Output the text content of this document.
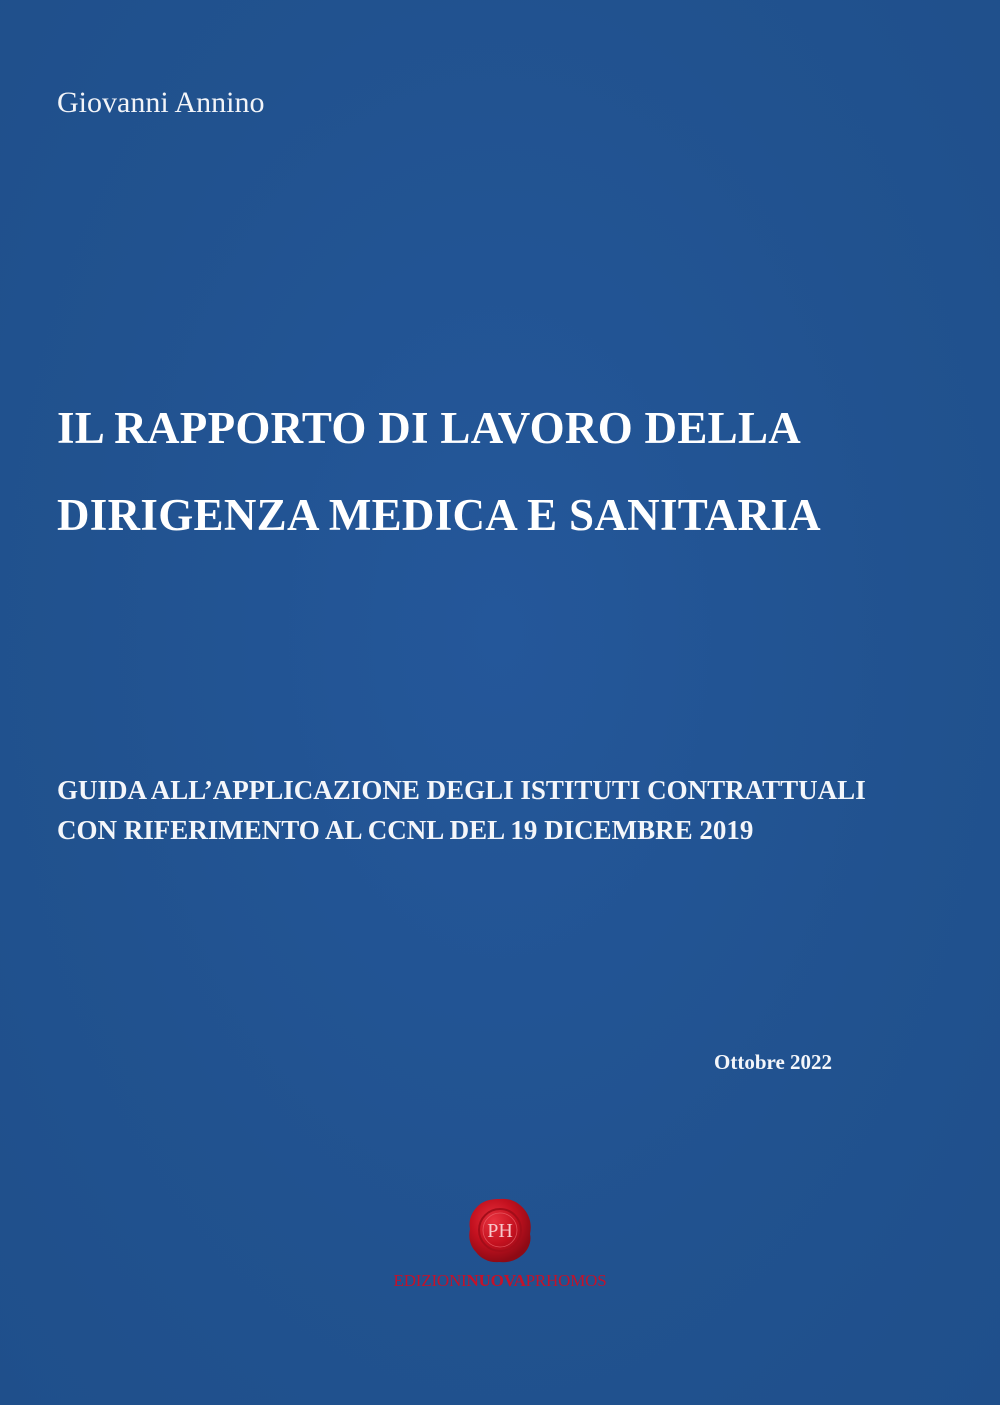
Giovanni Annino
IL RAPPORTO DI LAVORO DELLA
DIRIGENZA MEDICA E SANITARIA
GUIDA ALL’APPLICAZIONE DEGLI ISTITUTI CONTRATTUALI
CON RIFERIMENTO AL CCNL DEL 19 DICEMBRE 2019
Ottobre 2022
PH
EDIZIONINUOVAPRHOMOS
